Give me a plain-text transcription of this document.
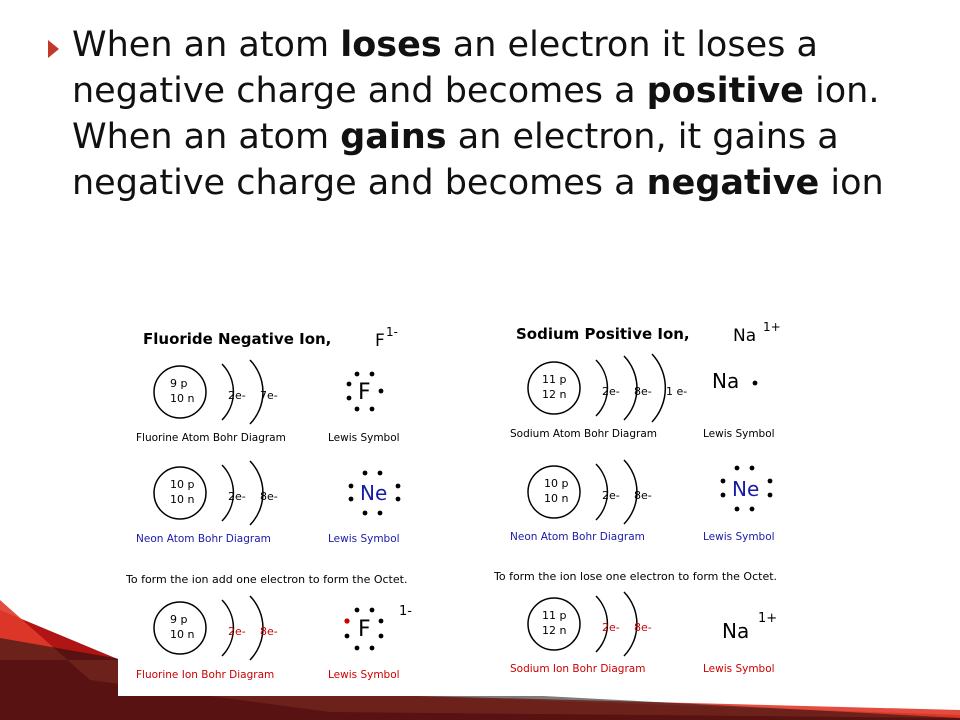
When an atom loses an electron it loses a negative charge and becomes a positive ion. When an atom gains an electron, it gains a negative charge and becomes a negative ion
Fluoride Negative Ion,	F 1-
9 p
10 n	2e- 7e-
Fluorine Atom Bohr Diagram
F
Lewis Symbol
10 p
10 n	2e- 8e-
Neon Atom Bohr Diagram
Ne
Lewis Symbol
To form the ion add one electron to form the Octet.
9 p
10 n	2e- 8e-
Fluorine Ion Bohr Diagram
F
1-
Lewis Symbol
Sodium Positive Ion,	Na 1+
11 p
12 n	2e- 8e- 1 e-
Sodium Atom Bohr Diagram
Na
Lewis Symbol
10 p
10 n	2e- 8e-
Neon Atom Bohr Diagram
Ne
Lewis Symbol
To form the ion lose one electron to form the Octet.
11 p
12 n	2e- 8e-
Sodium Ion Bohr Diagram
Na
1+
Lewis Symbol
